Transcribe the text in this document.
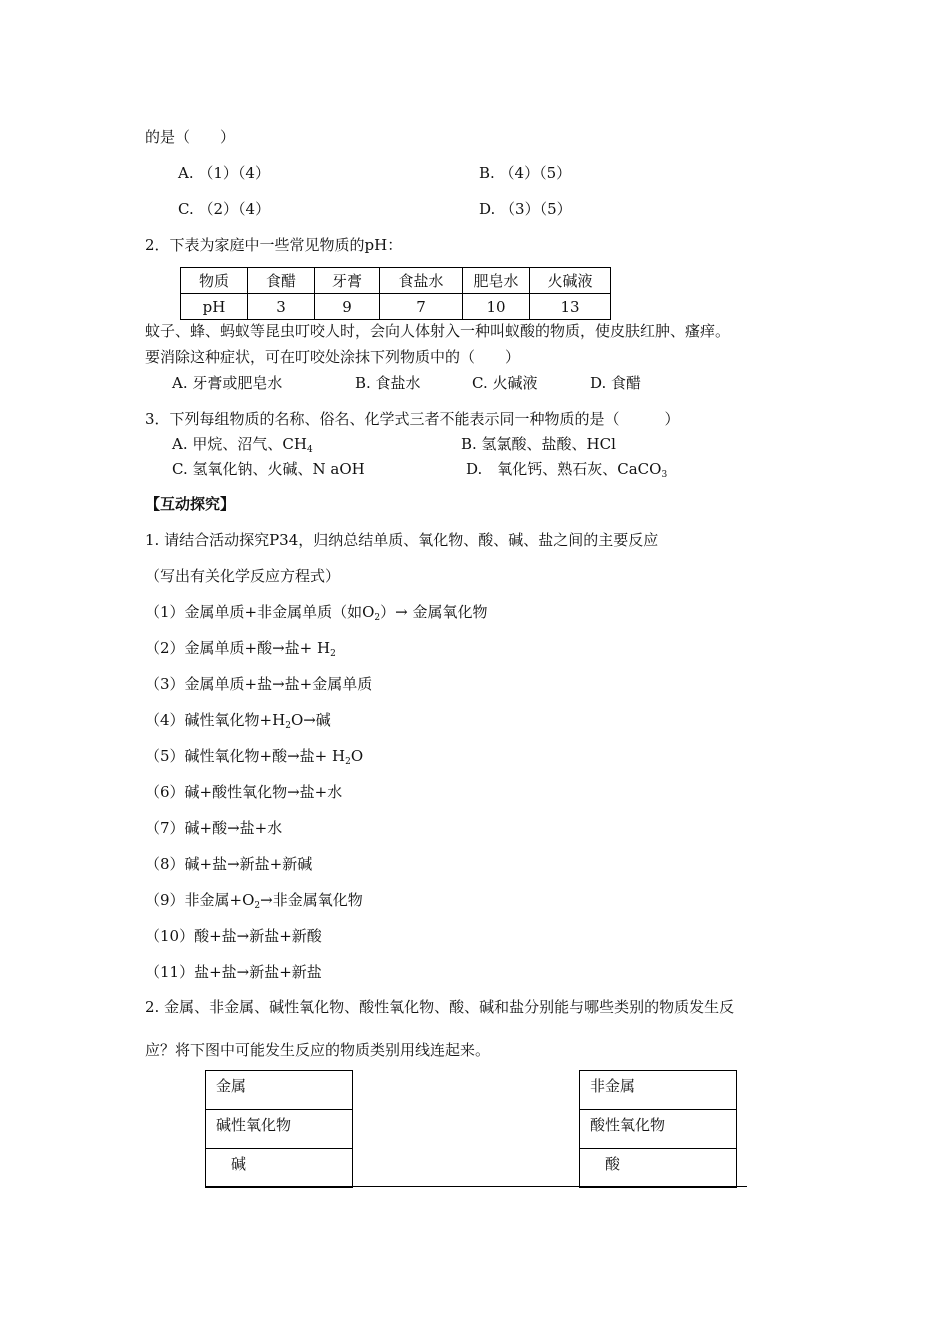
的是（　　）
A. （1）（4）	B. （4）（5）
C. （2）（4）	D. （3）（5）
2．下表为家庭中一些常见物质的pH：
物质	食醋	牙膏	食盐水	肥皂水	火碱液
pH	3	9	7	10	13
蚊子、蜂、蚂蚁等昆虫叮咬人时，会向人体射入一种叫蚁酸的物质，使皮肤红肿、瘙痒。
要消除这种症状，可在叮咬处涂抹下列物质中的（　　）
A. 牙膏或肥皂水	B. 食盐水	C. 火碱液	D. 食醋
3．下列每组物质的名称、俗名、化学式三者不能表示同一种物质的是（　　　）
A. 甲烷、沼气、$CH_4$	B. 氢氯酸、盐酸、HCl
C. 氢氧化钠、火碱、N aOH	D.　氧化钙、熟石灰、CaCO$_3$
【互动探究】
1. 请结合活动探究P34，归纳总结单质、氧化物、酸、碱、盐之间的主要反应
（写出有关化学反应方程式）
（1）金属单质+非金属单质（如$O_2)\to$ 金属氧化物
（2）金属单质+酸→盐+ $H_2$
（3）金属单质+盐→盐+金属单质
（4）碱性氧化物$+H_2O\to$碱
（5）碱性氧化物+酸→盐+ $H_2O$
（6）碱+酸性氧化物→盐+水
（7）碱+酸→盐+水
（8）碱+盐→新盐+新碱
（9）非金属$+O_2\to$非金属氧化物
（10）酸+盐→新盐+新酸
（11）盐+盐→新盐+新盐
2. 金属、非金属、碱性氧化物、酸性氧化物、酸、碱和盐分别能与哪些类别的物质发生反
应？将下图中可能发生反应的物质类别用线连起来。
金属
碱性氧化物
　碱
非金属
酸性氧化物
　酸
